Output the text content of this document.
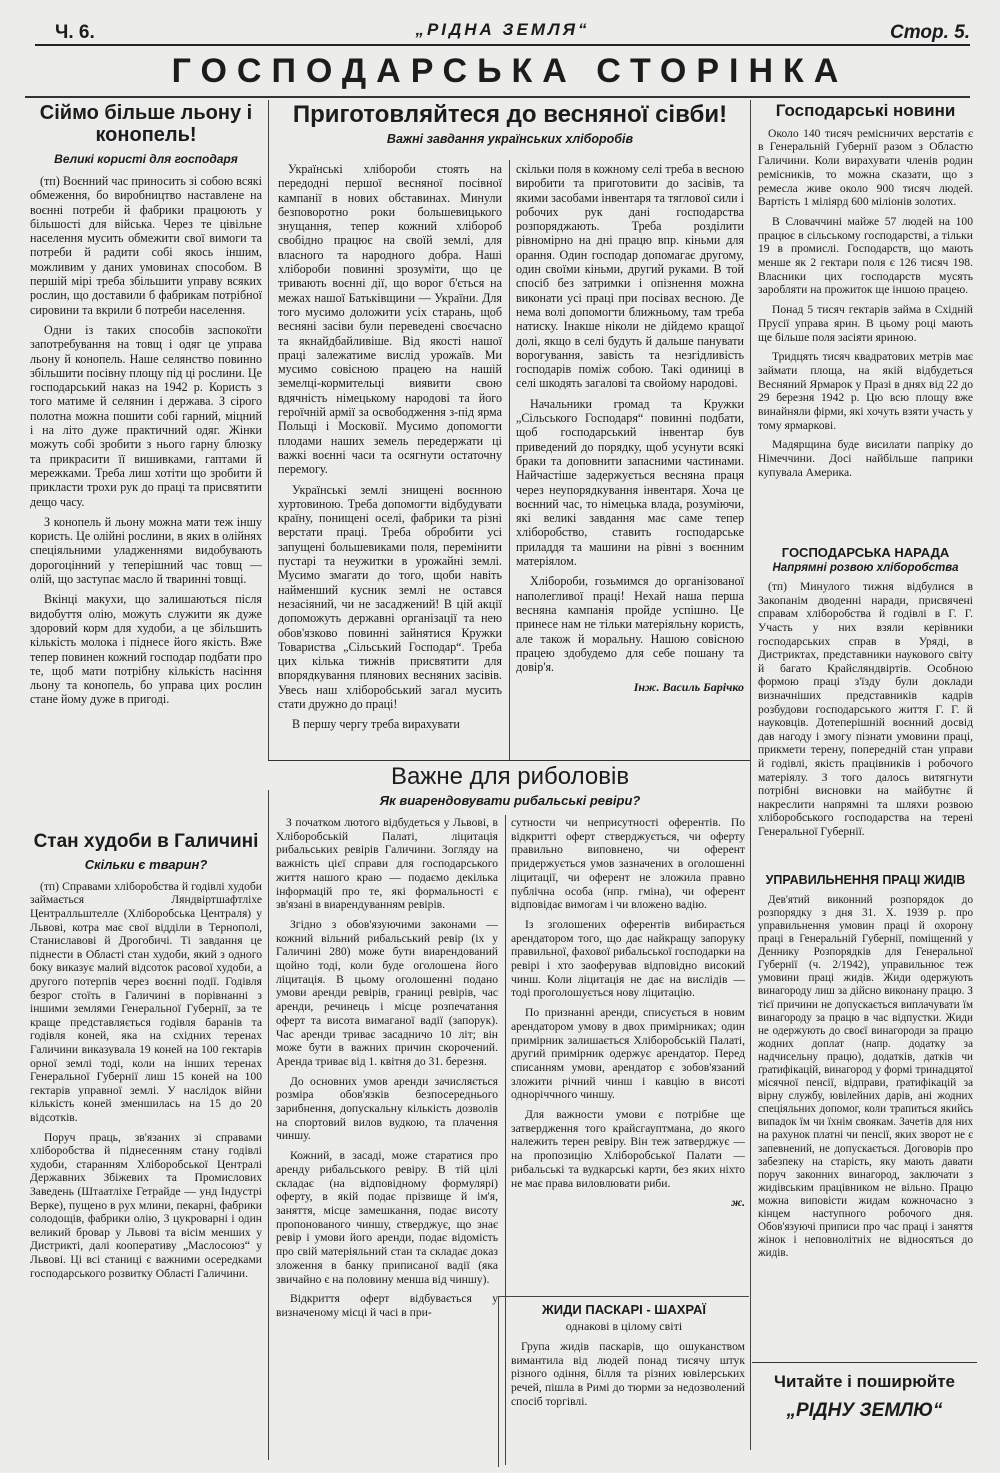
Ч. 6.	„РІДНА ЗЕМЛЯ“	Стор. 5.
ГОСПОДАРСЬКА СТОРІНКА
Сіймо більше льону і конопель!
Великі користі для господаря

(тп) Воєнний час приносить зі собою всякі обмеження, бо виробництво наставлене на воєнні потреби й фабрики працюють у більшості для війська. Через те цівільне населення мусить обмежити свої вимоги та потреби й радити собі якось іншим, можливим у даних умовинах способом. В першій мірі треба збільшити управу всяких рослин, що доставили б фабрикам потрібної сировини та вкрили б потреби населення.

Одни із таких способів заспокоїти запотребування на товщ і одяг це управа льону й конопель. Наше селянство повинно збільшити посівну площу під ці рослини. Це господарський наказ на 1942 р. Користь з того матиме й селянин і держава. З сірого полотна можна пошити собі гарний, міцний і на літо дуже практичний одяг. Жінки можуть собі зробити з нього гарну блюзку та прикрасити її вишивками, гаптами й мережками. Треба лиш хотіти що зробити й прикласти трохи рук до праці та присвятити дещо часу.

З конопель й льону можна мати теж іншу користь. Це олійні рослини, в яких в олійнях спеціяльними уладженнями видобувають дорогоцінний у теперішний час товщ — олій, що заступає масло й тваринні товщі.

Вкінці макухи, що залишаються після видобуття олію, можуть служити як дуже здоровий корм для худоби, а це збільшить кількість молока і піднесе його якість. Вже тепер повинен кожний господар подбати про те, щоб мати потрібну кількість насіння льону та конопель, бо управа цих рослин стане йому дуже в пригоді.

Стан худоби в Галичині
Скільки є тварин?

(тп) Справами хліборобства й годівлі худоби займається Ляндвіртшафтліхе Централльштелле (Хліборобська Централя) у Львові, котра має свої відділи в Тернополі, Станиславові й Дрогобичі. Ті завдання це піднести в Області стан худоби, який з одного боку виказує малий відсоток расової худоби, а другого потерпів через воєнні події. Годівля безрог стоїть в Галичині в порівнанні з іншими землями Генеральної Губернії, за те краще представляється годівля баранів та годівля коней, яка на східних теренах Галичини виказувала 19 коней на 100 гектарів орної землі тоді, коли на інших теренах Генеральної Губернії лиш 15 коней на 100 гектарів управної землі. У наслідок війни кількість коней зменшилась на 15 до 20 відсотків.

Поруч праць, зв'язаних зі справами хліборобства й піднесенням стану годівлі худоби, старанням Хліборобської Централі Державних Збіжевих та Промислових Заведень (Штаатліхе Гетрайде — унд Індустрі Верке), пущено в рух млини, пекарні, фабрики солодощів, фабрики олію, 3 цукроварні і один великий бровар у Львові та вісім менших у Дистрикті, далі кооперативу „Маслосоюз“ у Львові. Ці всі станиці є важними осередками господарського розвитку Області Галичини.

Приготовляйтеся до весняної сівби!
Важні завдання українських хліборобів

Українські хлібороби стоять на передодні першої весняної посівної кампанії в нових обставинах. Минули безповоротно роки большевицького знущання, тепер кожний хлібороб свобідно працює на своїй землі, для власного та народного добра. Наші хлібороби повинні зрозуміти, що це тривають воєнні дії, що ворог б'ється на межах нашої Батьківщини — України. Для того мусимо доложити усіх старань, щоб весняні засіви були переведені своєчасно та якнайдбайливіше. Від якості нашої праці залежатиме вислід урожаїв. Ми мусимо совісною працею на нашій земелці-кормительці виявити свою вдячність німецькому народові та його героїчній армії за освободження з-під ярма Польщі і Московії. Мусимо допомогти плодами наших земель передержати ці важкі воєнні часи та осягнути остаточну перемогу.

Українські землі знищені воєнною хуртовиною. Треба допомогти відбудувати країну, понищені оселі, фабрики та різні верстати праці. Треба обробити усі запущені большевиками поля, перемінити пустарі та неужитки в урожайні землі. Мусимо змагати до того, щоби навіть найменший кусник землі не остався незасіяний, чи не засаджений! В цій акції допоможуть державні організації та нею обов'язково повинні зайнятися Кружки Товариства „Сільський Господар“. Треба цих кілька тижнів присвятити для впорядкування плянових весняних засівів. Увесь наш хліборобський загал мусить стати дружно до праці!

В першу чергу треба вирахувати

скільки поля в кожному селі треба в весною виробити та приготовити до засівів, та якими засобами інвентаря та тяглової сили і робочих рук дані господарства розпоряджають. Треба розділити рівномірно на дні працю впр. кіньми для орання. Один господар допомагає другому, один своїми кіньми, другий руками. В той спосіб без затримки і опізнення можна виконати усі праці при посівах весною. Де нема волі допомогти ближньому, там треба натиску. Інакше ніколи не дійдемо кращої долі, якщо в селі будуть й дальше панувати ворогування, завість та незгідливість господарів поміж собою. Такі одиниці в селі шкодять загалові та свойому народові.

Начальники громад та Кружки „Сільського Господаря“ повинні подбати, щоб господарський інвентар був приведений до порядку, щоб усунути всякі браки та доповнити запасними частинами. Найчастіше задержується весняна праця через неупорядкування інвентаря. Хоча це воєнний час, то німецька влада, розуміючи, які великі завдання має саме тепер хліборобство, ставить господарське приладдя та машини на рівні з воєнним матеріялом.

Хлібороби, гозьмимся до організованої наполегливої праці! Нехай наша перша весняна кампанія пройде успішно. Це принесе нам не тільки матеріяльну користь, але також й моральну. Нашою совісною працею здобудемо для себе пошану та довір'я.

Інж. Василь Барічко
Важне для риболовів
Як виарендовувати рибальські ревіри?

З початком лютого відбудеться у Львові, в Хліборобській Палаті, ліцитація рибальських ревірів Галичини. Зогляду на важність цієї справи для господарського життя нашого краю — подаємо декілька інформацій про те, які формальності є зв'язані в виарендуванням ревірів.

Згідно з обов'язуючими законами — кожний вільний рибальський ревір (іх у Галичині 280) може бути виарендований щойно тоді, коли буде оголошена його ліцитація. В цьому оголошенні подано умови аренди ревірів, границі ревірів, час аренди, речинець і місце розпечатання оферт та висота вимаганої вадії (запорук). Час аренди триває засадничо 10 літ; він може бути в важних причин скорочений. Аренда триває від 1. квітня до 31. березня.

До основних умов аренди зачисляється розміра обов'язків безпосереднього зарибнення, допускальну кількість дозволів на спортовий вилов вудкою, та плачення чиншу.

Кожний, в засаді, може старатися про аренду рибальського ревіру. В тій цілі складає (на відповідному формулярі) оферту, в якій подає прізвище й ім'я, заняття, місце замешкання, подає висоту пропонованого чиншу, стверджує, що знає ревір і умови його аренди, подає відомість про свій матеріяльний стан та складає доказ зложення в банку приписаної вадії (яка звичайно є на половину менша від чиншу).

Відкриття оферт відбувається у визначеному місці й часі в при-

сутности чи неприсутності оферентів. По відкритті оферт стверджується, чи оферту правильно виповнено, чи оферент придержується умов зазначених в оголошенні ліцитації, чи оферент не зложила правно публічна особа (нпр. гміна), чи оферент відповідає вимогам і чи вложено вадію.

Із зголошених оферентів вибирається арендатором того, що дає найкращу запоруку правильної, фахової рибальської господарки на ревірі і хто заоферував відповідно високий чинш. Коли ліцитація не дає на вислідів — тоді проголошується нову ліцитацію.

По признанні аренди, списується в новим арендатором умову в двох примірниках; один примірник залишається Хліборобській Палаті, другий примірник одержує арендатор. Перед списанням умови, арендатор є зобов'язаний зложити річний чинш і кавцію в висоті одноріччного чиншу.

Для важности умови є потрібне ще затвердження того крайсгауптмана, до якого належить терен ревіру. Він теж затверджує — на пропозицію Хліборобської Палати — рибальські та вудкарські карти, без яких ніхто не має права виловлювати риби.

ж.
ЖИДИ ПАСКАРІ - ШАХРАЇ
однакові в цілому світі

Група жидів паскарів, що ошуканством вимантила від людей понад тисячу штук різного одіння, білля та різних ювілерських речей, пішла в Римі до тюрми за недозволений спосіб торгівлі.

Господарські новини

Около 140 тисяч ремісничих верстатів є в Генеральній Губернії разом з Областю Галичини. Коли вирахувати членів родин ремісників, то можна сказати, що з ремесла живе около 900 тисяч людей. Вартість 1 міліярд 600 міліонів золотих.

В Словаччині майже 57 людей на 100 працює в сільському господарстві, а тільки 19 в промислі. Господарств, що мають менше як 2 гектари поля є 126 тисяч 198. Власники цих господарств мусять заробляти на прожиток ще іншою працею.

Понад 5 тисяч гектарів займа в Східній Прусії управа ярин. В цьому році мають ще більше поля засіяти яриною.

Тридцять тисяч квадратових метрів має займати площа, на якій відбудеться Весняний Ярмарок у Празі в днях від 22 до 29 березня 1942 р. Цю всю площу вже винайняли фірми, які хочуть взяти участь у тому ярмаркові.

Мадярщина буде висилати папріку до Німеччини. Досі найбільше паприки купувала Америка.

ГОСПОДАРСЬКА НАРАДА
Напрямні розвою хліборобства

(тп) Минулого тижня відбулися в Закопанім дводенні наради, присвячені справам хліборобства й годівлі в Г. Г. Участь у них взяли керівники господарських справ в Уряді, в Дистриктах, представники наукового світу й багато Крайсляндвіртів. Особною формою праці з'їзду були доклади визначніших представників кадрів розбудови господарського життя Г. Г. й науковців. Дотеперішній воєнний досвід дав нагоду і змогу пізнати умовини праці, прикмети терену, попередній стан управи й годівлі, якість працівників і робочого матеріялу. З того далось витягнути потрібні висновки на майбутнє й накреслити напрямні та шляхи розвою хліборобського господарства на терені Генеральної Губернії.

УПРАВИЛЬНЕННЯ ПРАЦІ ЖИДІВ

Дев'ятий виконний розпорядок до розпорядку з дня 31. X. 1939 р. про управильнення умовин праці й охорону праці в Генеральній Губернії, поміщений у Деннику Розпорядків для Генеральної Губернії (ч. 2/1942), управильнює теж умовини праці жидів. Жиди одержують винагороду лиш за дійсно виконану працю. З тієї причини не допускається виплачувати їм винагороду за працю в час відпустки. Жиди не одержують до своєї винагороди за працю жодних доплат (напр. додатку за надчисельну працю), додатків, датків чи ґратифікацій, винагород у формі тринадцятої місячної пенсії, відправи, ґратифікацій за вірну службу, ювілейних дарів, ані жодних спеціяльних допомог, коли трапиться якийсь випадок їм чи їхнім своякам. Зачетів для них на рахунок платні чи пенсії, яких зворот не є запевнений, не допускається. Договорів про забезпеку на старість, яку мають давати поруч законних винагород, заключати з жидівським працівником не вільно. Працю можна виповісти жидам кожночасно з кінцем наступного робочого дня. Обов'язуючі приписи про час праці і заняття жінок і неповнолітніх не відносяться до жидів.

Читайте і поширюйте
„РІДНУ ЗЕМЛЮ“
